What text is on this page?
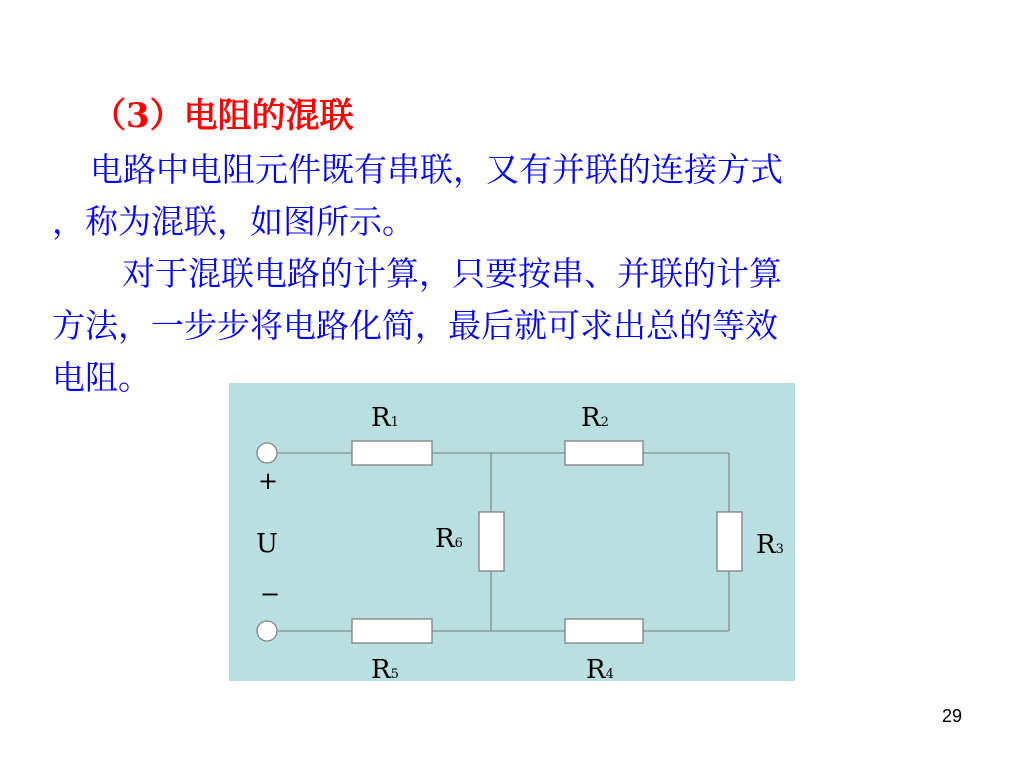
（3）电阻的混联
电路中电阻元件既有串联，又有并联的连接方式
，称为混联，如图所示。
对于混联电路的计算，只要按串、并联的计算
方法，一步步将电路化简，最后就可求出总的等效
电阻。
R1	R2
R3
R4
R5
R6
+
U
−
29
